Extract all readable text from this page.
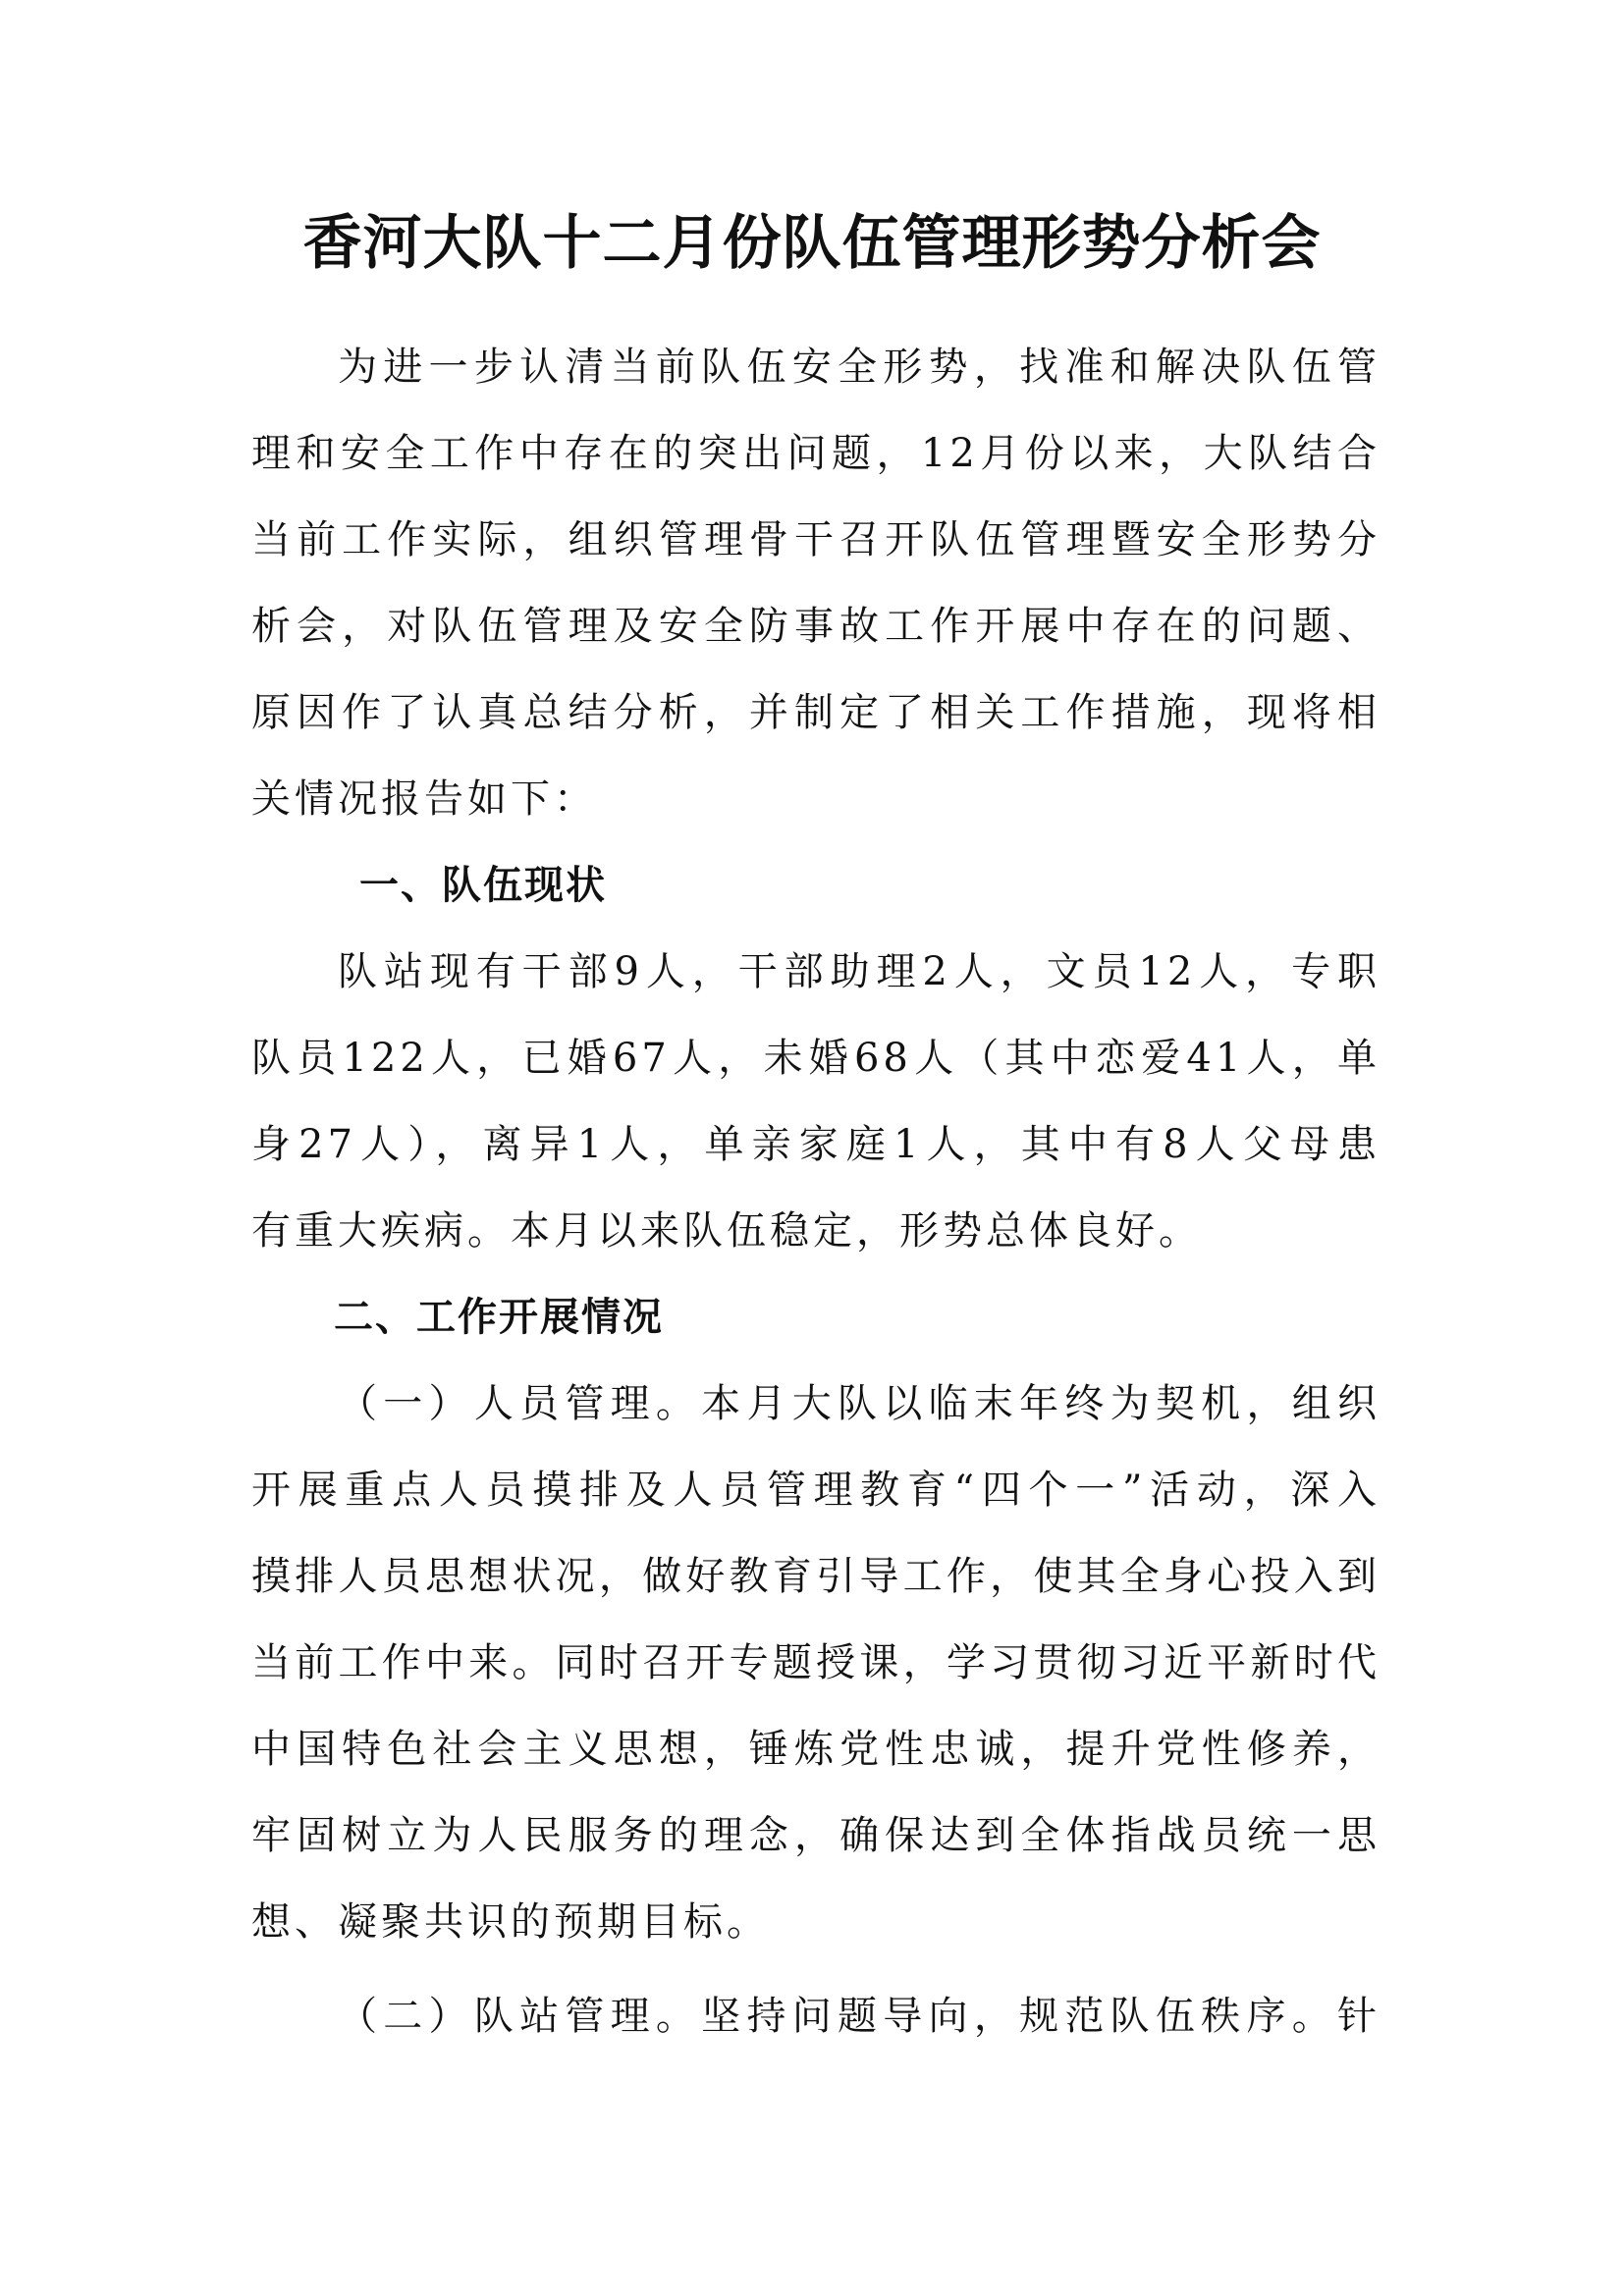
香河大队十二月份队伍管理形势分析会
为进一步认清当前队伍安全形势，找准和解决队伍管
理和安全工作中存在的突出问题，12月份以来，大队结合
当前工作实际，组织管理骨干召开队伍管理暨安全形势分
析会，对队伍管理及安全防事故工作开展中存在的问题、
原因作了认真总结分析，并制定了相关工作措施，现将相
关情况报告如下：
一、队伍现状
队站现有干部9人，干部助理2人，文员12人，专职
队员122人，已婚67人，未婚68人（其中恋爱41人，单
身27人），离异1人，单亲家庭1人，其中有8人父母患
有重大疾病。本月以来队伍稳定，形势总体良好。
二、工作开展情况
（一）人员管理。本月大队以临末年终为契机，组织
开展重点人员摸排及人员管理教育“四个一”活动，深入
摸排人员思想状况，做好教育引导工作，使其全身心投入到
当前工作中来。同时召开专题授课，学习贯彻习近平新时代
中国特色社会主义思想，锤炼党性忠诚，提升党性修养，
牢固树立为人民服务的理念，确保达到全体指战员统一思
想、凝聚共识的预期目标。
（二）队站管理。坚持问题导向，规范队伍秩序。针
